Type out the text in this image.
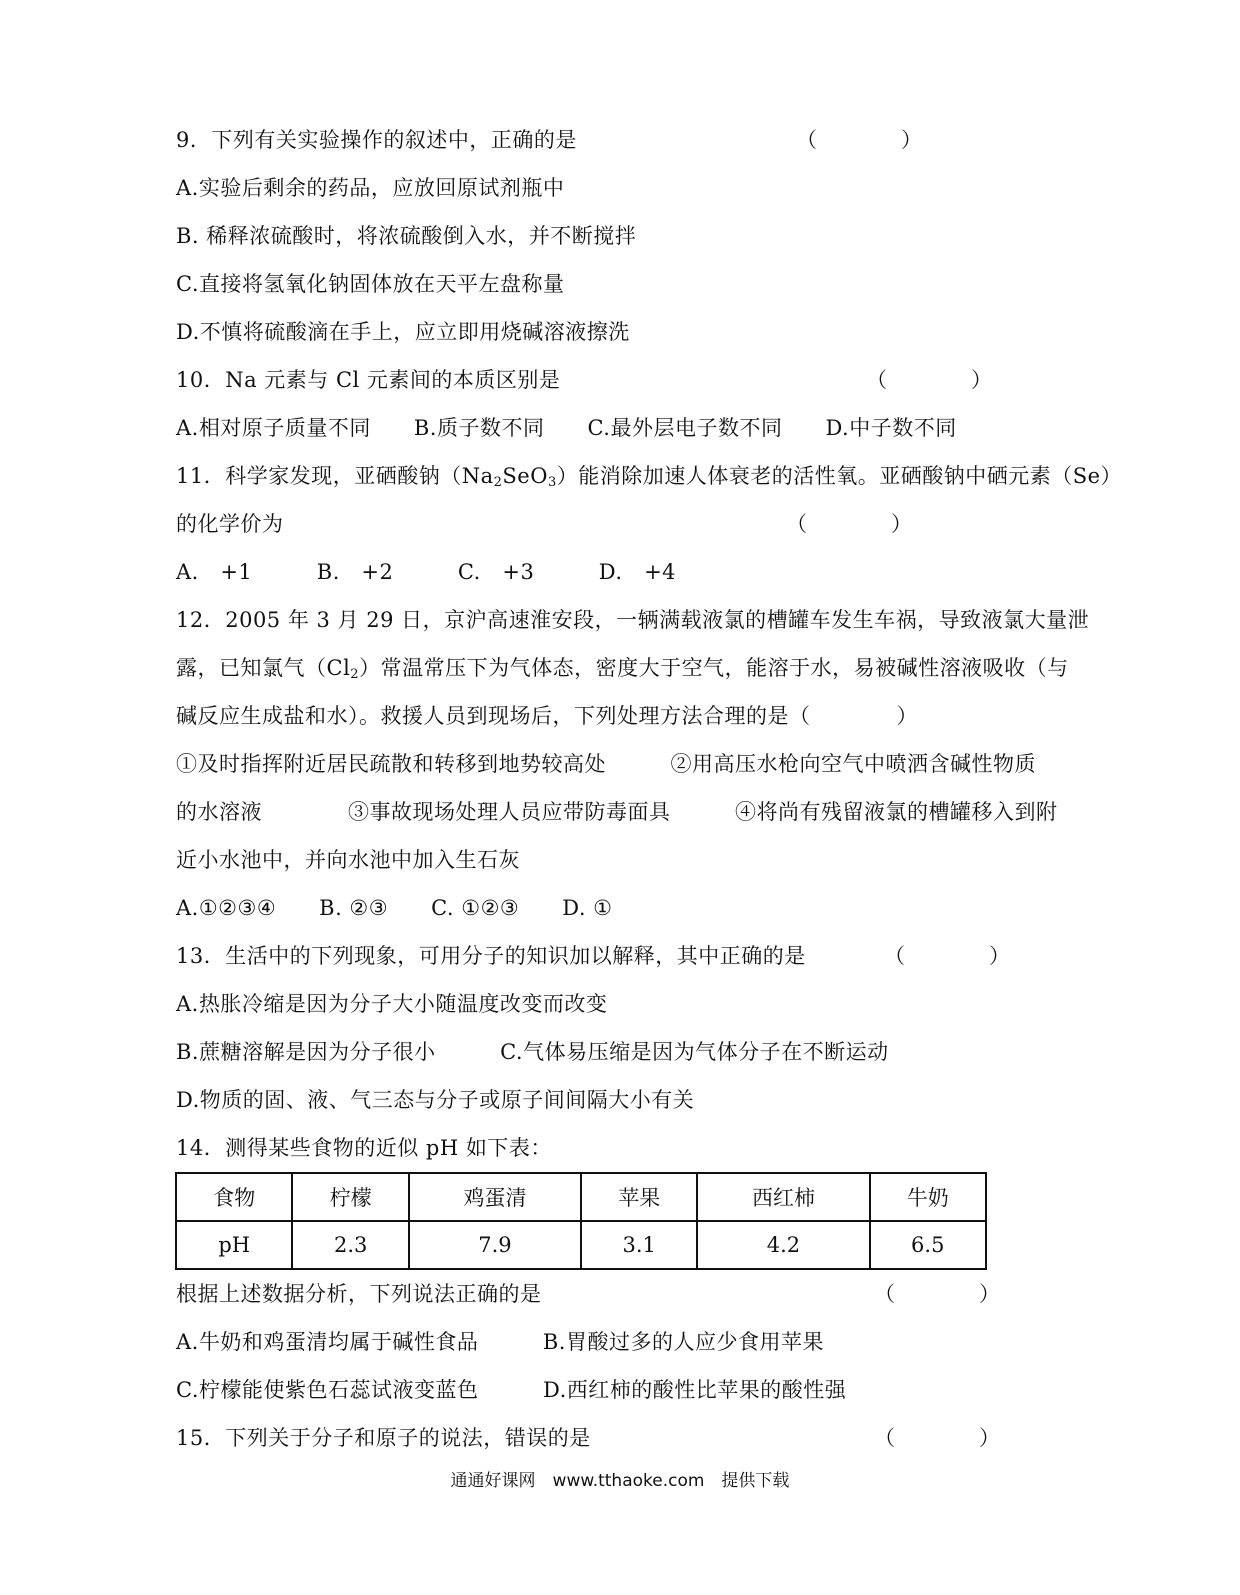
9．下列有关实验操作的叙述中，正确的是	（　　　　）
A.实验后剩余的药品，应放回原试剂瓶中
B. 稀释浓硫酸时，将浓硫酸倒入水，并不断搅拌
C.直接将氢氧化钠固体放在天平左盘称量
D.不慎将硫酸滴在手上，应立即用烧碱溶液擦洗
10．Na 元素与 Cl 元素间的本质区别是	（　　　　）
A.相对原子质量不同　　B.质子数不同　　C.最外层电子数不同　　D.中子数不同
11．科学家发现，亚硒酸钠$(Na_2SeO_3)$能消除加速人体衰老的活性氧。亚硒酸钠中硒元素（Se）
的化学价为	（　　　　）
A.　+1　　　B.　+2　　　C.　+3　　　D.　+4
12．2005 年 3 月 29 日，京沪高速淮安段，一辆满载液氯的槽罐车发生车祸，导致液氯大量泄
露，已知氯气$(Cl_2)$常温常压下为气体态，密度大于空气，能溶于水，易被碱性溶液吸收（与
碱反应生成盐和水）。救援人员到现场后，下列处理方法合理的是（　　　　）
①及时指挥附近居民疏散和转移到地势较高处　　　②用高压水枪向空气中喷洒含碱性物质
的水溶液　　　　③事故现场处理人员应带防毒面具　　　④将尚有残留液氯的槽罐移入到附
近小水池中，并向水池中加入生石灰
A.①②③④　　B. ②③　　C. ①②③　　D. ①
13．生活中的下列现象，可用分子的知识加以解释，其中正确的是	（　　　　）
A.热胀冷缩是因为分子大小随温度改变而改变
B.蔗糖溶解是因为分子很小　　　C.气体易压缩是因为气体分子在不断运动
D.物质的固、液、气三态与分子或原子间间隔大小有关
14．测得某些食物的近似 pH 如下表：
食物	柠檬	鸡蛋清	苹果	西红柿	牛奶
pH	2.3	7.9	3.1	4.2	6.5
根据上述数据分析，下列说法正确的是	（　　　　）
A.牛奶和鸡蛋清均属于碱性食品　　　B.胃酸过多的人应少食用苹果
C.柠檬能使紫色石蕊试液变蓝色　　　D.西红柿的酸性比苹果的酸性强
15．下列关于分子和原子的说法，错误的是	（　　　　）
通通好课网　www.tthaoke.com　提供下载
